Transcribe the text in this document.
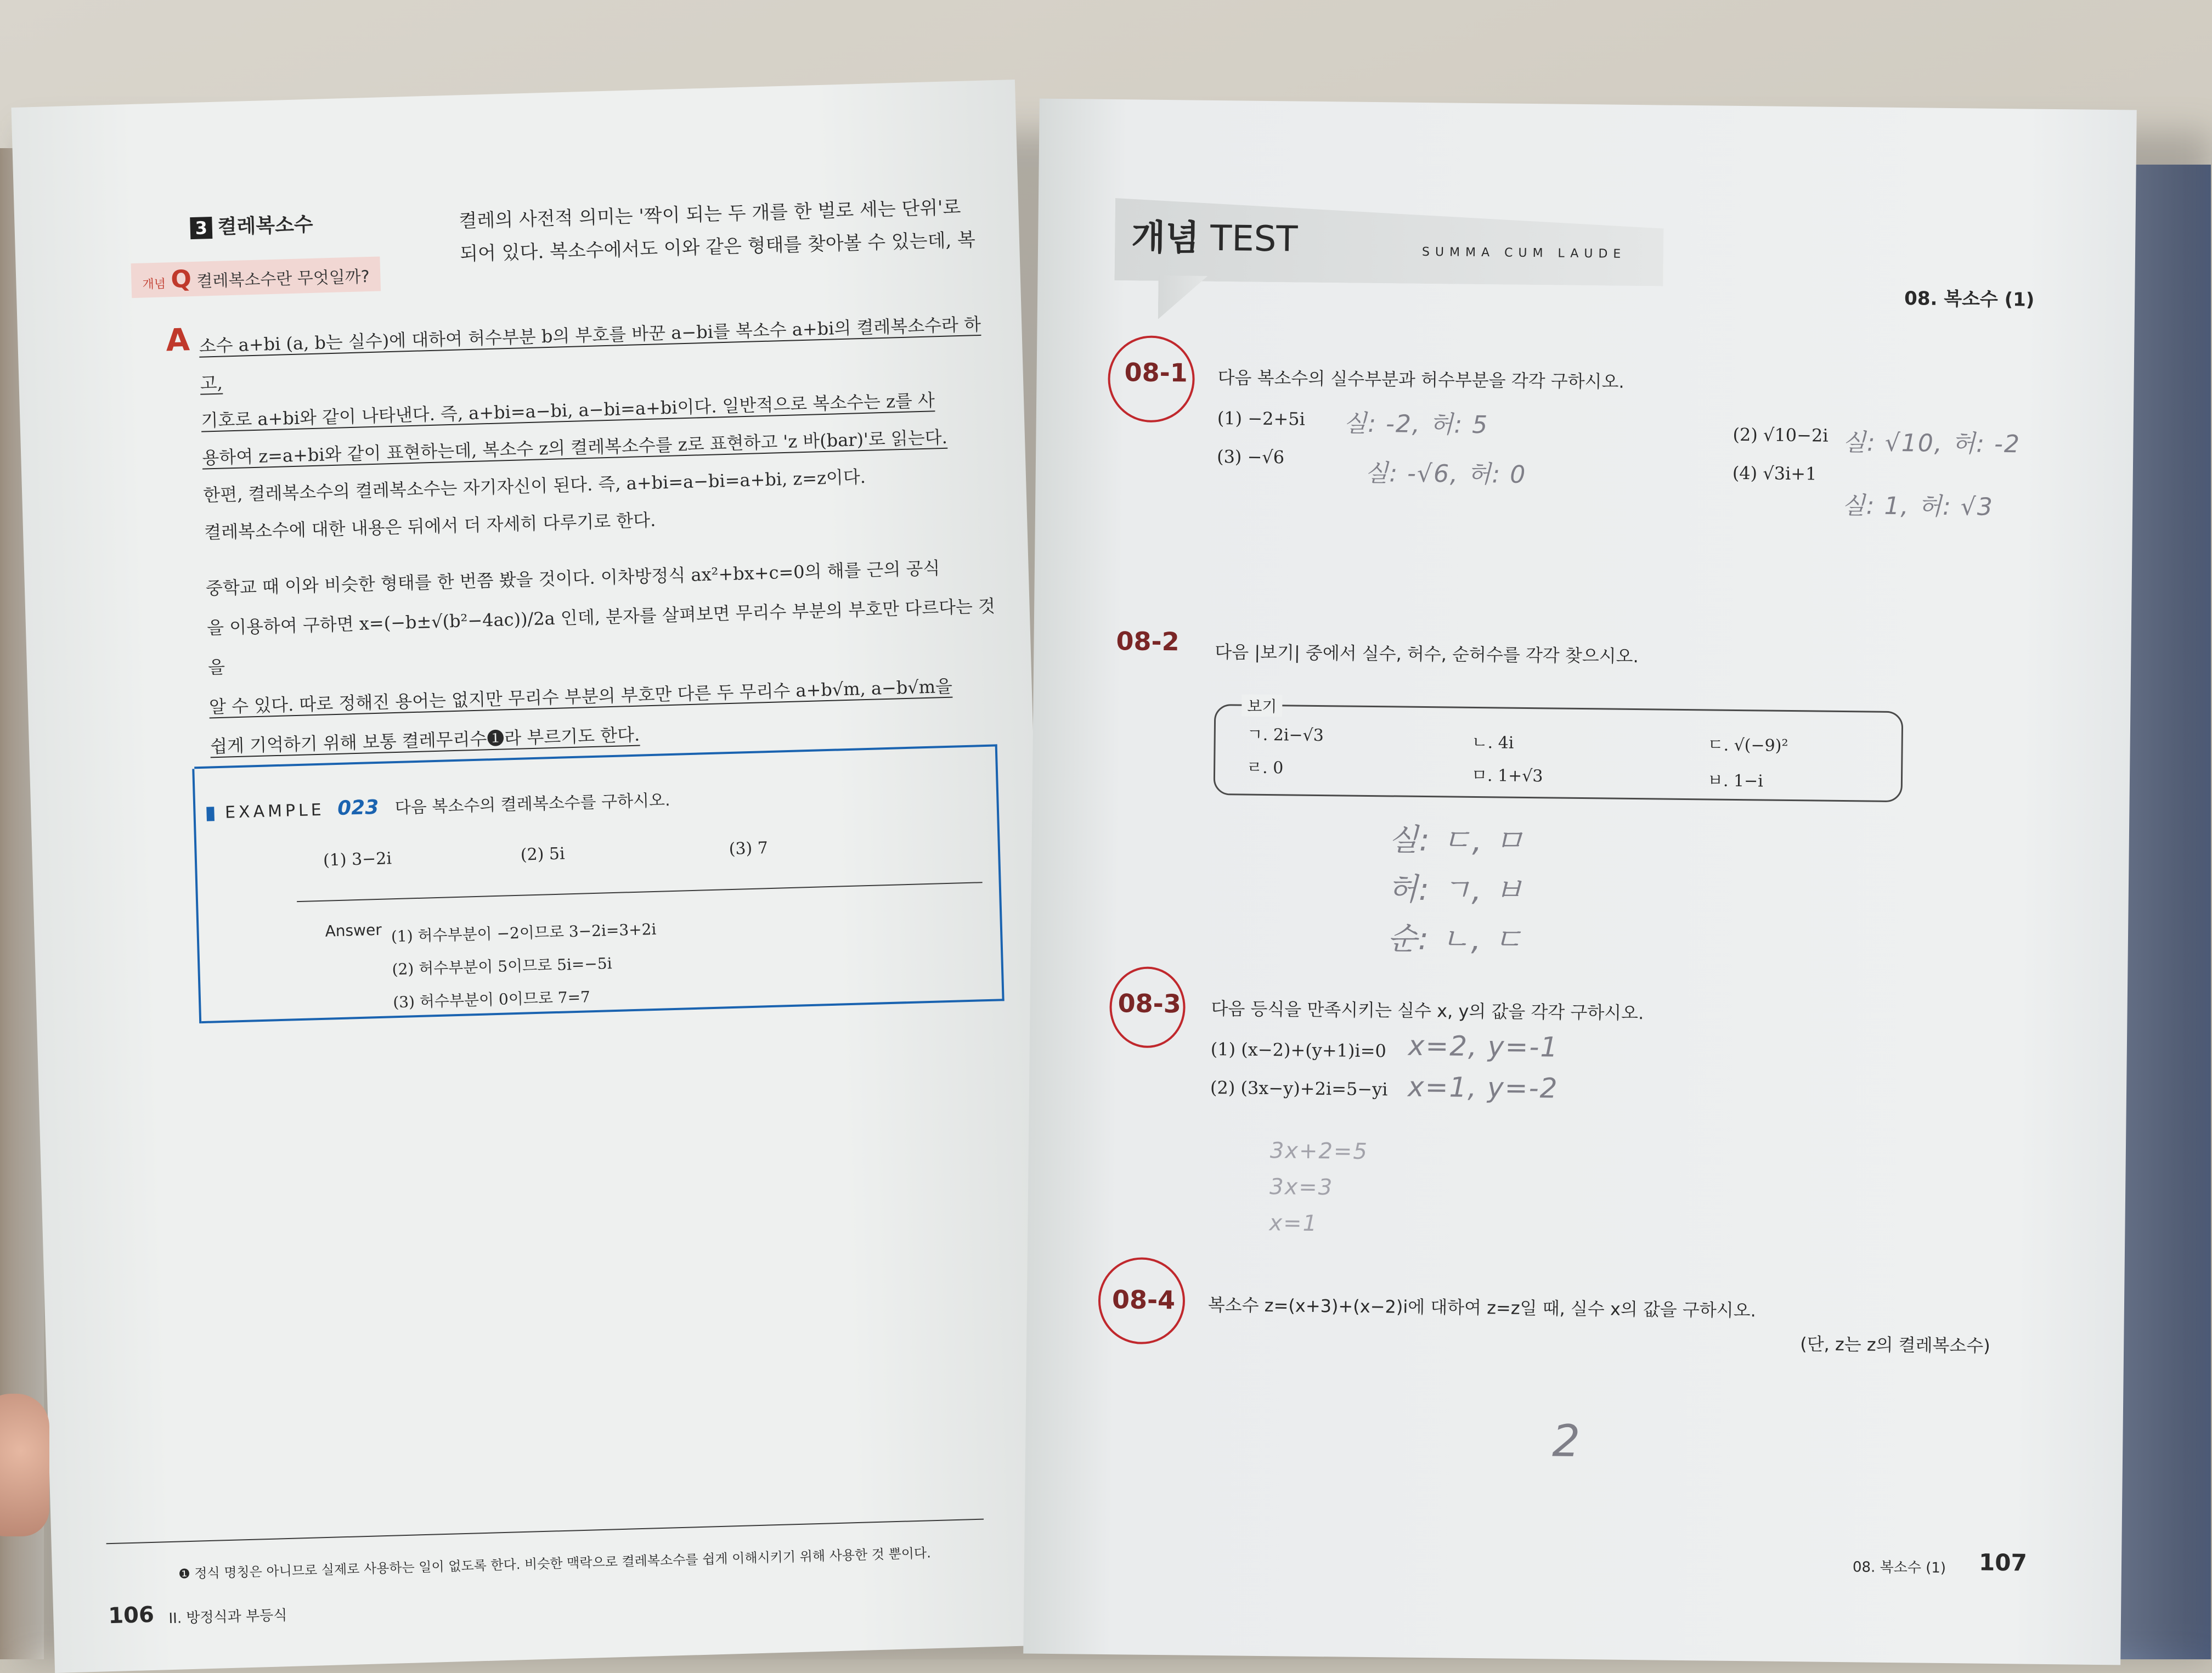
3 켤레복소수
개념 Q 켤레복소수란 무엇일까?
켤레의 사전적 의미는 '짝이 되는 두 개를 한 벌로 세는 단위'로
되어 있다. 복소수에서도 이와 같은 형태를 찾아볼 수 있는데, 복
A 소수 a+bi (a, b는 실수)에 대하여 허수부분 b의 부호를 바꾼 a−bi를 복소수 a+bi의 켤레복소수라 하고,
기호로 a+bi와 같이 나타낸다. 즉, a+bi=a−bi, a−bi=a+bi이다. 일반적으로 복소수는 z를 사
용하여 z=a+bi와 같이 표현하는데, 복소수 z의 켤레복소수를 z로 표현하고 'z 바(bar)'로 읽는다.
한편, 켤레복소수의 켤레복소수는 자기자신이 된다. 즉, a+bi=a−bi=a+bi, z=z이다.
켤레복소수에 대한 내용은 뒤에서 더 자세히 다루기로 한다.
중학교 때 이와 비슷한 형태를 한 번쯤 봤을 것이다. 이차방정식 ax²+bx+c=0의 해를 근의 공식
을 이용하여 구하면 x=(−b±√(b²−4ac))/2a 인데, 분자를 살펴보면 무리수 부분의 부호만 다르다는 것을
알 수 있다. 따로 정해진 용어는 없지만 무리수 부분의 부호만 다른 두 무리수 a+b√m, a−b√m을
쉽게 기억하기 위해 보통 켤레무리수❶라 부르기도 한다.
EXAMPLE 023 다음 복소수의 켤레복소수를 구하시오.
(1) 3−2i	(2) 5i	(3) 7
Answer (1) 허수부분이 −2이므로 3−2i=3+2i
(2) 허수부분이 5이므로 5i=−5i
(3) 허수부분이 0이므로 7=7
❶ 정식 명칭은 아니므로 실제로 사용하는 일이 없도록 한다. 비슷한 맥락으로 켤레복소수를 쉽게 이해시키기 위해 사용한 것 뿐이다.
106 II. 방정식과 부등식
개념 TEST	SUMMA CUM LAUDE
08. 복소수 (1)
08-1 다음 복소수의 실수부분과 허수부분을 각각 구하시오.
(1) −2+5i
(2) √10−2i
(3) −√6
(4) √3i+1
실: -2, 허: 5
실: √10, 허: -2
실: -√6, 허: 0
실: 1, 허: √3
08-2 다음 |보기| 중에서 실수, 허수, 순허수를 각각 찾으시오.
보기
ㄱ. 2i−√3	ㄴ. 4i	ㄷ. √(−9)²
ㄹ. 0	ㅁ. 1+√3	ㅂ. 1−i
실: ㄷ, ㅁ
허: ㄱ, ㅂ
순: ㄴ, ㄷ
08-3 다음 등식을 만족시키는 실수 x, y의 값을 각각 구하시오.
(1) (x−2)+(y+1)i=0
(2) (3x−y)+2i=5−yi
x=2, y=-1
x=1, y=-2
3x+2=5
3x=3
x=1
08-4 복소수 z=(x+3)+(x−2)i에 대하여 z=z일 때, 실수 x의 값을 구하시오.
(단, z는 z의 켤레복소수)
2
08. 복소수 (1) 107
